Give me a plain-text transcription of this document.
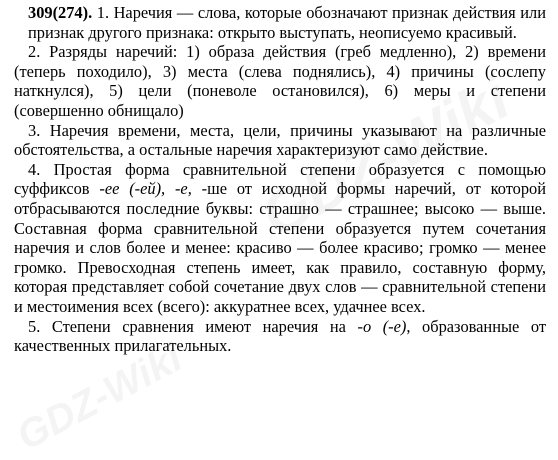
309(274). 1. Наречия — слова, которые обозначают признак действия или признак другого признака: открыто выступать, неописуемо красивый.

2. Разряды наречий: 1) образа действия (греб медленно), 2) времени (теперь походило), 3) места (слева поднялись), 4) причины (сослепу наткнулся), 5) цели (поневоле остановился), 6) меры и степени (совершенно обнищало)

3. Наречия времени, места, цели, причины указывают на различные обстоятельства, а остальные наречия характеризуют само действие.

4. Простая форма сравнительной степени образуется с помощью суффиксов -ее (-ей), -е, -ше от исходной формы наречий, от которой отбрасываются последние буквы: страшно — страшнее; высоко — выше. Составная форма сравнительной степени образуется путем сочетания наречия и слов более и менее: красиво — более красиво; громко — менее громко. Превосходная степень имеет, как правило, составную форму, которая представляет собой сочетание двух слов — сравнительной степени и местоимения всех (всего): аккуратнее всех, удачнее всех.

5. Степени сравнения имеют наречия на -о (-е), образованные от качественных прилагательных.
